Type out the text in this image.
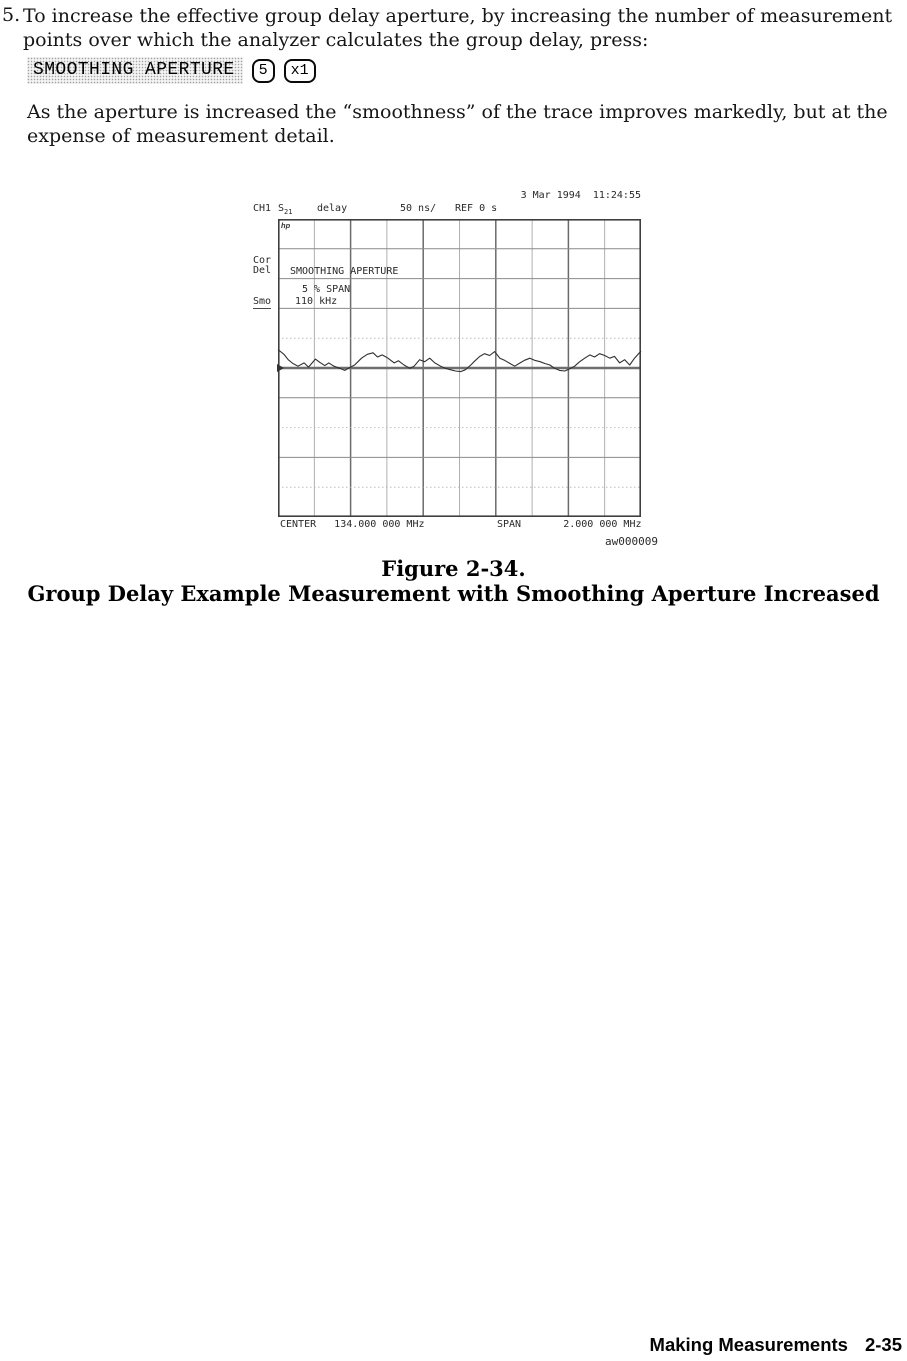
5. To increase the effective group delay aperture, by increasing the number of measurement
points over which the analyzer calculates the group delay, press:
SMOOTHING APERTURE	5	x1
As the aperture is increased the “smoothness” of the trace improves markedly, but at the
expense of measurement detail.
3 Mar 1994  11:24:55
CH1 $S_{21}$ delay	50 ns/ REF 0 s
Cor
Del
Smo
hp
SMOOTHING APERTURE
5 % SPAN
110 kHz
CENTER   134.000 000 MHz	SPAN       2.000 000 MHz
aw000009
Figure 2-34.
Group Delay Example Measurement with Smoothing Aperture Increased
Making Measurements 2-35
